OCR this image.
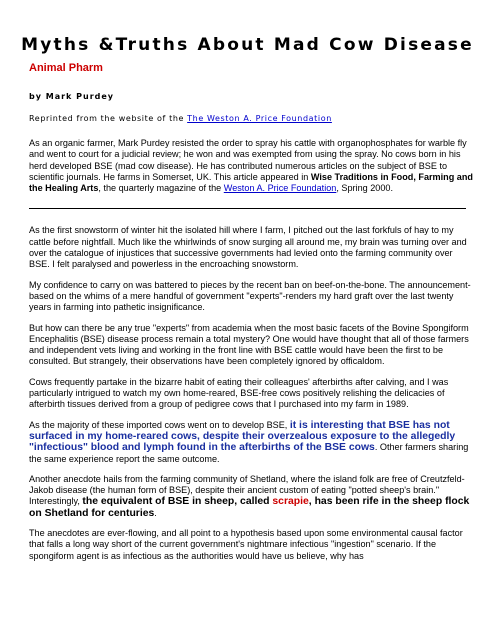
Myths &Truths About Mad Cow Disease
Animal Pharm
by Mark Purdey
Reprinted from the website of the The Weston A. Price Foundation

As an organic farmer, Mark Purdey resisted the order to spray his cattle with organophosphates for warble fly and went to court for a judicial review; he won and was exempted from using the spray. No cows born in his herd developed BSE (mad cow disease). He has contributed numerous articles on the subject of BSE to scientific journals. He farms in Somerset, UK. This article appeared in Wise Traditions in Food, Farming and the Healing Arts, the quarterly magazine of the Weston A. Price Foundation, Spring 2000.

As the first snowstorm of winter hit the isolated hill where I farm, I pitched out the last forkfuls of hay to my cattle before nightfall. Much like the whirlwinds of snow surging all around me, my brain was turning over and over the catalogue of injustices that successive governments had levied onto the farming community over BSE. I felt paralysed and powerless in the encroaching snowstorm.

My confidence to carry on was battered to pieces by the recent ban on beef-on-the-bone. The announcement-based on the whims of a mere handful of government "experts"-renders my hard graft over the last twenty years in farming into pathetic insignificance.

But how can there be any true "experts" from academia when the most basic facets of the Bovine Spongiform Encephalitis (BSE) disease process remain a total mystery? One would have thought that all of those farmers and independent vets living and working in the front line with BSE cattle would have been the first to be consulted. But strangely, their observations have been completely ignored by officaldom.

Cows frequently partake in the bizarre habit of eating their colleagues' afterbirths after calving, and I was particularly intrigued to watch my own home-reared, BSE-free cows positively relishing the delicacies of afterbirth tissues derived from a group of pedigree cows that I purchased into my farm in 1989.

As the majority of these imported cows went on to develop BSE, it is interesting that BSE has not surfaced in my home-reared cows, despite their overzealous exposure to the allegedly "infectious" blood and lymph found in the afterbirths of the BSE cows. Other farmers sharing the same experience report the same outcome.

Another anecdote hails from the farming community of Shetland, where the island folk are free of Creutzfeld-Jakob disease (the human form of BSE), despite their ancient custom of eating "potted sheep's brain." Interestingly, the equivalent of BSE in sheep, called scrapie, has been rife in the sheep flock on Shetland for centuries.

The anecdotes are ever-flowing, and all point to a hypothesis based upon some environmental causal factor that falls a long way short of the current government's nightmare infectious "ingestion" scenario. If the spongiform agent is as infectious as the authorities would have us believe, why has
